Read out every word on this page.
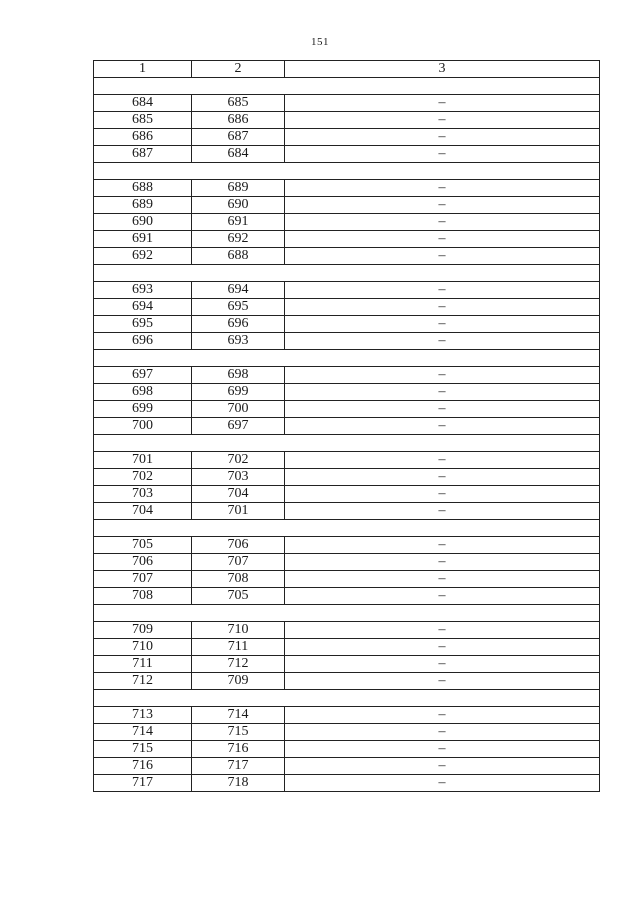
151
1	2	3

684	685	–
685	686	–
686	687	–
687	684	–

688	689	–
689	690	–
690	691	–
691	692	–
692	688	–

693	694	–
694	695	–
695	696	–
696	693	–

697	698	–
698	699	–
699	700	–
700	697	–

701	702	–
702	703	–
703	704	–
704	701	–

705	706	–
706	707	–
707	708	–
708	705	–

709	710	–
710	711	–
711	712	–
712	709	–

713	714	–
714	715	–
715	716	–
716	717	–
717	718	–
